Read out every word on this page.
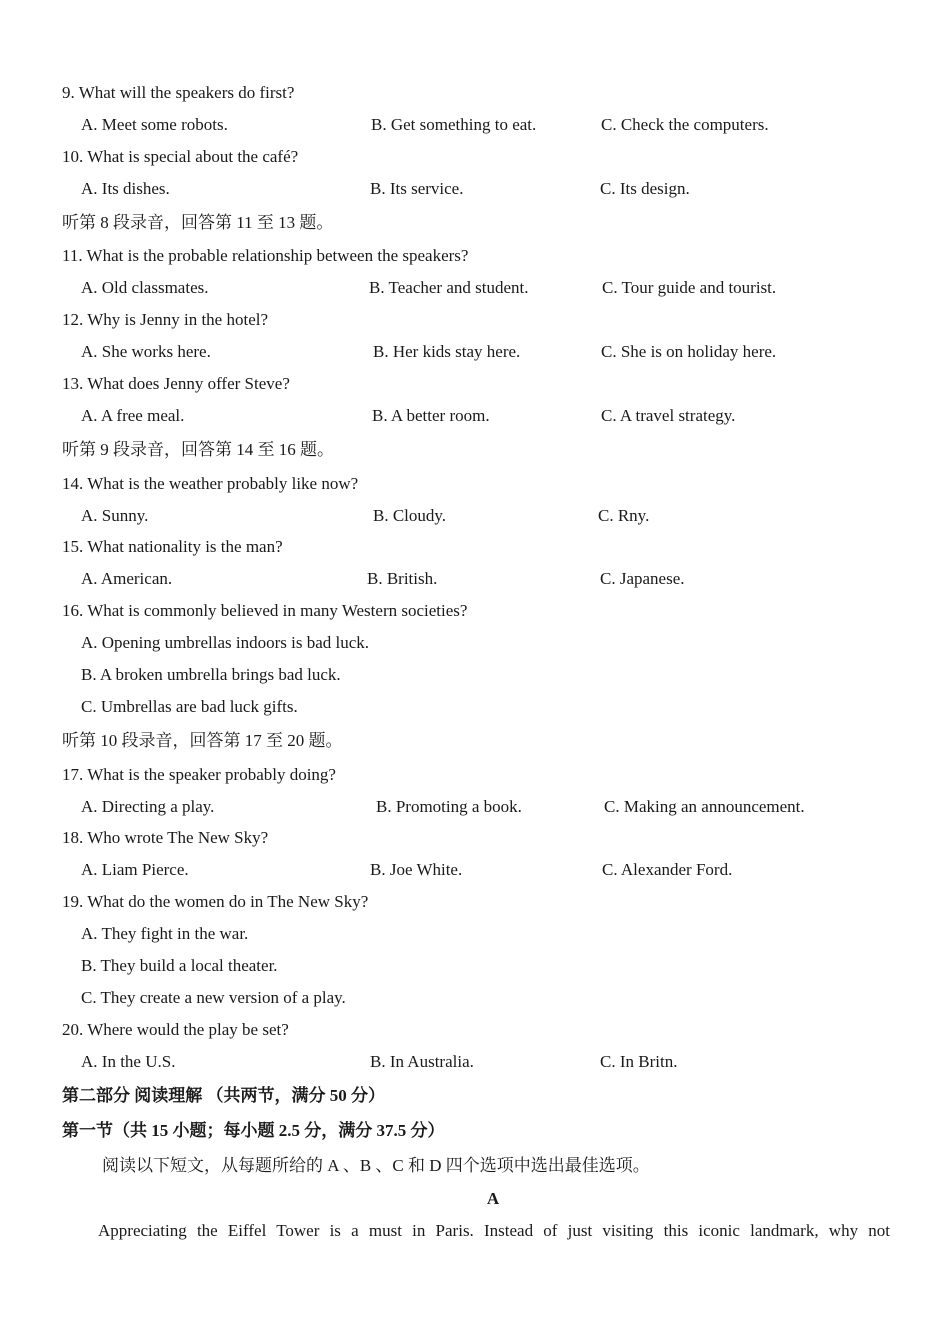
9. What will the speakers do first?
A. Meet some robots.	B. Get something to eat.	C. Check the computers.
10. What is special about the café?
A. Its dishes.	B. Its service.	C. Its design.
听第 8 段录音，回答第 11 至 13 题。
11. What is the probable relationship between the speakers?
A. Old classmates.	B. Teacher and student.	C. Tour guide and tourist.
12. Why is Jenny in the hotel?
A. She works here.	B. Her kids stay here.	C. She is on holiday here.
13. What does Jenny offer Steve?
A. A free meal.	B. A better room.	C. A travel strategy.
听第 9 段录音，回答第 14 至 16 题。
14. What is the weather probably like now?
A. Sunny.	B. Cloudy.	C. Rny.
15. What nationality is the man?
A. American.	B. British.	C. Japanese.
16. What is commonly believed in many Western societies?
A. Opening umbrellas indoors is bad luck.
B. A broken umbrella brings bad luck.
C. Umbrellas are bad luck gifts.
听第 10 段录音，回答第 17 至 20 题。
17. What is the speaker probably doing?
A. Directing a play.	B. Promoting a book.	C. Making an announcement.
18. Who wrote The New Sky?
A. Liam Pierce.	B. Joe White.	C. Alexander Ford.
19. What do the women do in The New Sky?
A. They fight in the war.
B. They build a local theater.
C. They create a new version of a play.
20. Where would the play be set?
A. In the U.S.	B. In Australia.	C. In Britn.
第二部分 阅读理解 （共两节，满分 50 分）
第一节（共 15 小题；每小题 2.5 分，满分 37.5 分）
阅读以下短文，从每题所给的 A 、B 、C 和 D 四个选项中选出最佳选项。
A
Appreciating the Eiffel Tower is a must in Paris. Instead of just visiting this iconic landmark, why not
